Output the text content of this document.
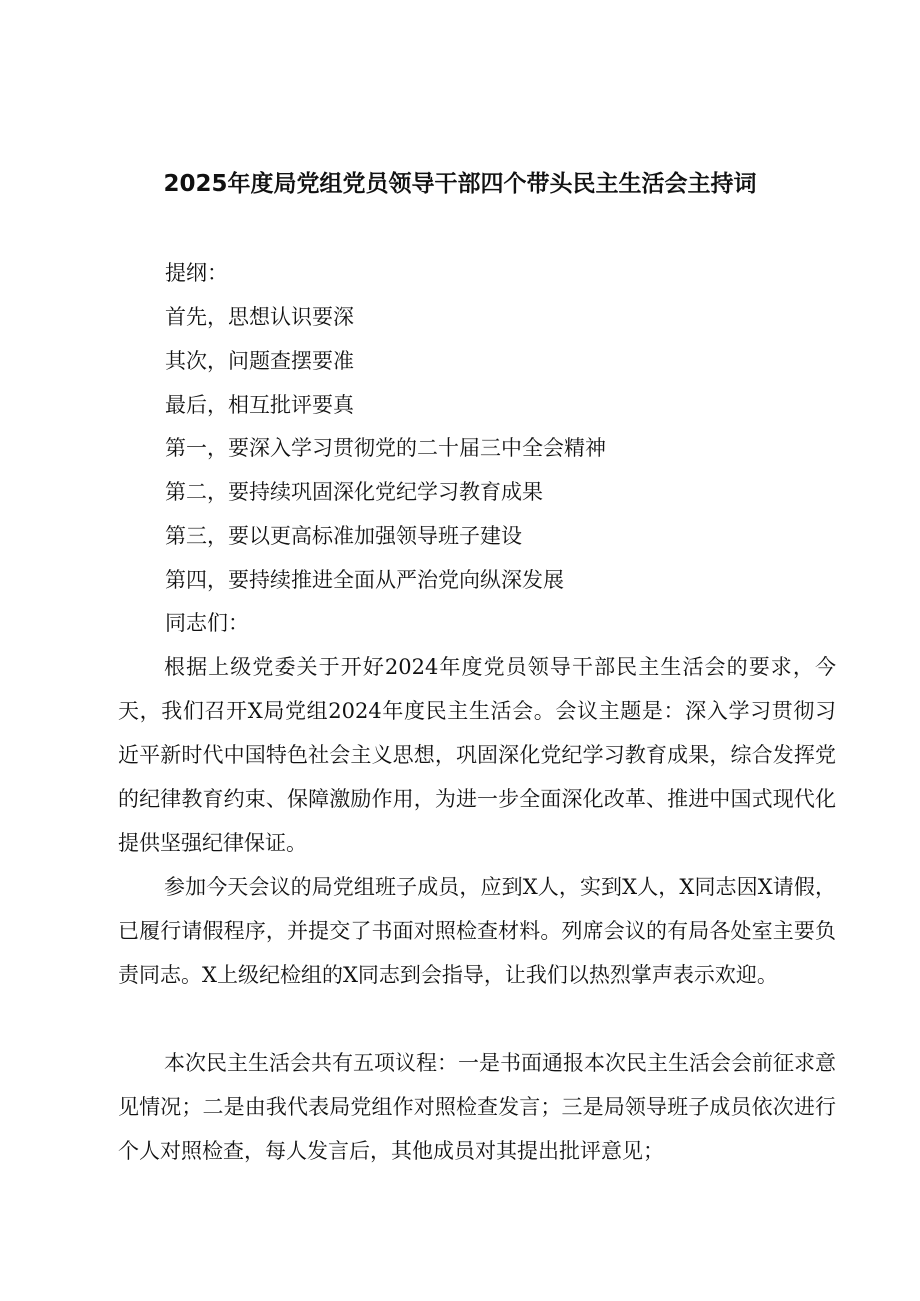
2025年度局党组党员领导干部四个带头民主生活会主持词
提纲：
首先，思想认识要深
其次，问题查摆要准
最后，相互批评要真
第一，要深入学习贯彻党的二十届三中全会精神
第二，要持续巩固深化党纪学习教育成果
第三，要以更高标准加强领导班子建设
第四，要持续推进全面从严治党向纵深发展
同志们：
根据上级党委关于开好2024年度党员领导干部民主生活会的要求，今天，我们召开X局党组2024年度民主生活会。会议主题是：深入学习贯彻习近平新时代中国特色社会主义思想，巩固深化党纪学习教育成果，综合发挥党的纪律教育约束、保障激励作用，为进一步全面深化改革、推进中国式现代化提供坚强纪律保证。
参加今天会议的局党组班子成员，应到X人，实到X人，X同志因X请假，已履行请假程序，并提交了书面对照检查材料。列席会议的有局各处室主要负责同志。X上级纪检组的X同志到会指导，让我们以热烈掌声表示欢迎。
本次民主生活会共有五项议程：一是书面通报本次民主生活会会前征求意见情况；二是由我代表局党组作对照检查发言；三是局领导班子成员依次进行个人对照检查，每人发言后，其他成员对其提出批评意见；
